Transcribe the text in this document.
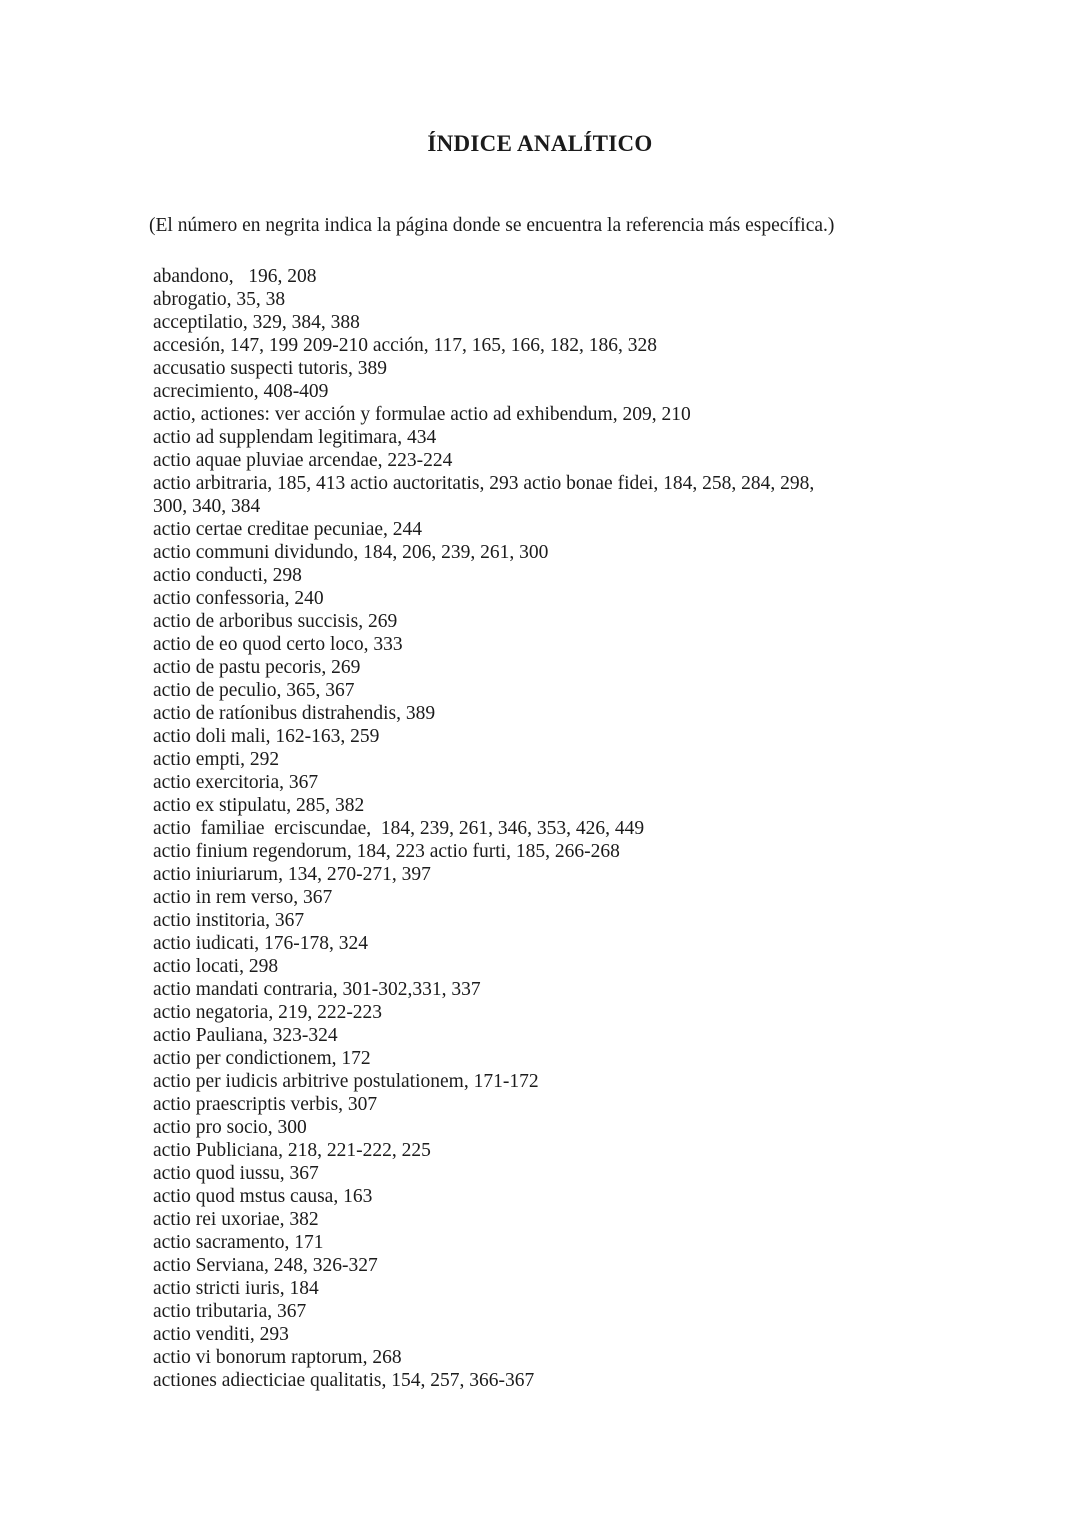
ÍNDICE ANALÍTICO

(El número en negrita indica la página donde se encuentra la referencia más específica.)

abandono,   196, 208
abrogatio, 35, 38
acceptilatio, 329, 384, 388
accesión, 147, 199 209-210 acción, 117, 165, 166, 182, 186, 328
accusatio suspecti tutoris, 389
acrecimiento, 408-409
actio, actiones: ver acción y formulae actio ad exhibendum, 209, 210
actio ad supplendam legitimara, 434
actio aquae pluviae arcendae, 223-224
actio arbitraria, 185, 413 actio auctoritatis, 293 actio bonae fidei, 184, 258, 284, 298,
300, 340, 384
actio certae creditae pecuniae, 244
actio communi dividundo, 184, 206, 239, 261, 300
actio conducti, 298
actio confessoria, 240
actio de arboribus succisis, 269
actio de eo quod certo loco, 333
actio de pastu pecoris, 269
actio de peculio, 365, 367
actio de ratíonibus distrahendis, 389
actio doli mali, 162-163, 259
actio empti, 292
actio exercitoria, 367
actio ex stipulatu, 285, 382
actio  familiae  erciscundae,  184, 239, 261, 346, 353, 426, 449
actio finium regendorum, 184, 223 actio furti, 185, 266-268
actio iniuriarum, 134, 270-271, 397
actio in rem verso, 367
actio institoria, 367
actio iudicati, 176-178, 324
actio locati, 298
actio mandati contraria, 301-302,331, 337
actio negatoria, 219, 222-223
actio Pauliana, 323-324
actio per condictionem, 172
actio per iudicis arbitrive postulationem, 171-172
actio praescriptis verbis, 307
actio pro socio, 300
actio Publiciana, 218, 221-222, 225
actio quod iussu, 367
actio quod mstus causa, 163
actio rei uxoriae, 382
actio sacramento, 171
actio Serviana, 248, 326-327
actio stricti iuris, 184
actio tributaria, 367
actio venditi, 293
actio vi bonorum raptorum, 268
actiones adiecticiae qualitatis, 154, 257, 366-367
